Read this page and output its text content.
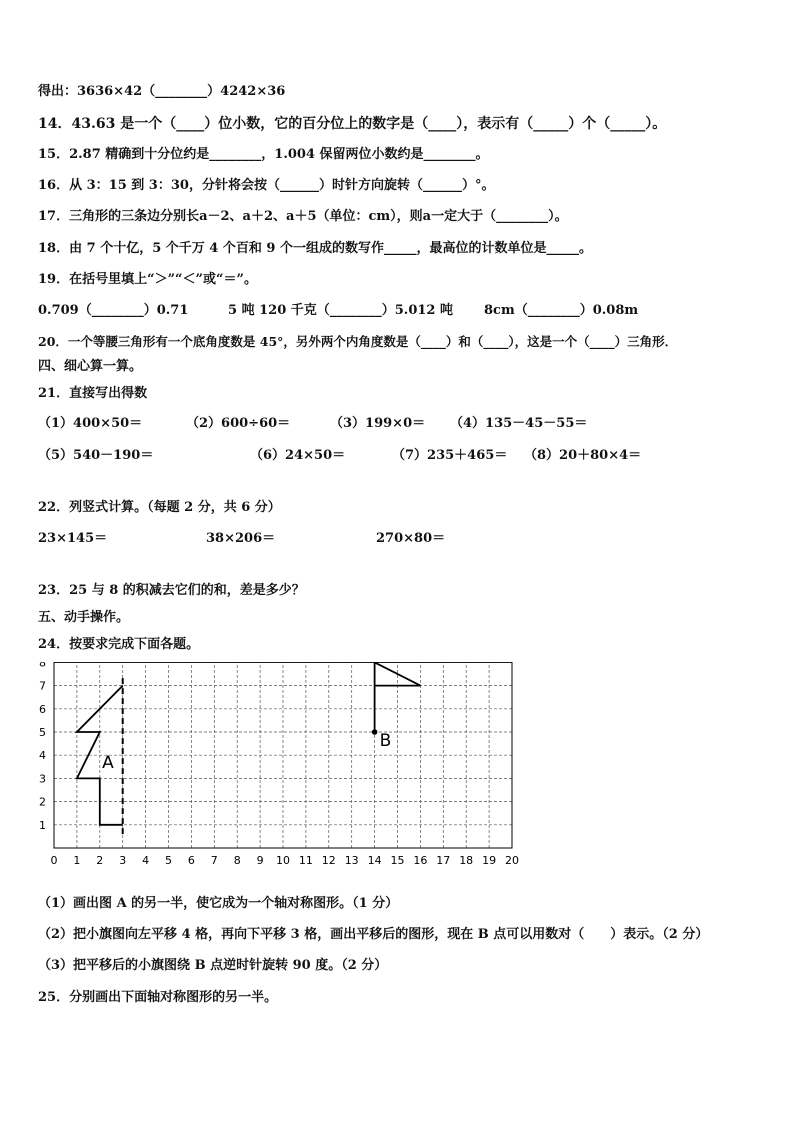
得出：3636×42（________）4242×36
14．43.63 是一个（____）位小数，它的百分位上的数字是（____），表示有（_____）个（_____）。
15．2.87 精确到十分位约是________，1.004 保留两位小数约是________。
16．从 3：15 到 3：30，分针将会按（______）时针方向旋转（______）°。
17．三角形的三条边分别长a－2、a＋2、a＋5（单位：cm），则a一定大于（________）。
18．由 7 个十亿，5 个千万 4 个百和 9 个一组成的数写作_____，最高位的计数单位是_____。
19．在括号里填上“＞”“＜”或“＝”。
0.709（________）0.71	5 吨 120 千克（________）5.012 吨 8cm（________）0.08m
20．一个等腰三角形有一个底角度数是 45°，另外两个内角度数是（____）和（____），这是一个（____）三角形．
四、细心算一算。
21．直接写出得数
（1）400×50＝	（2）600÷60＝	（3）199×0＝ （4）135－45－55＝
（5）540－190＝	（6）24×50＝	（7）235＋465＝ （8）20＋80×4＝
22．列竖式计算。（每题 2 分，共 6 分）
23×145＝	38×206＝	270×80＝
23．25 与 8 的积减去它们的和，差是多少？
五、动手操作。
24．按要求完成下面各题。
0 1 2 3 4 5 6 7 8 9 10 11 12 13 14 15 16 17 18 19 20
1
2
3
4
5
6
7
8
A
B
（1）画出图 A 的另一半，使它成为一个轴对称图形。（1 分）
（2）把小旗图向左平移 4 格，再向下平移 3 格，画出平移后的图形，现在 B 点可以用数对（　　）表示。（2 分）
（3）把平移后的小旗图绕 B 点逆时针旋转 90 度。（2 分）
25．分别画出下面轴对称图形的另一半。
